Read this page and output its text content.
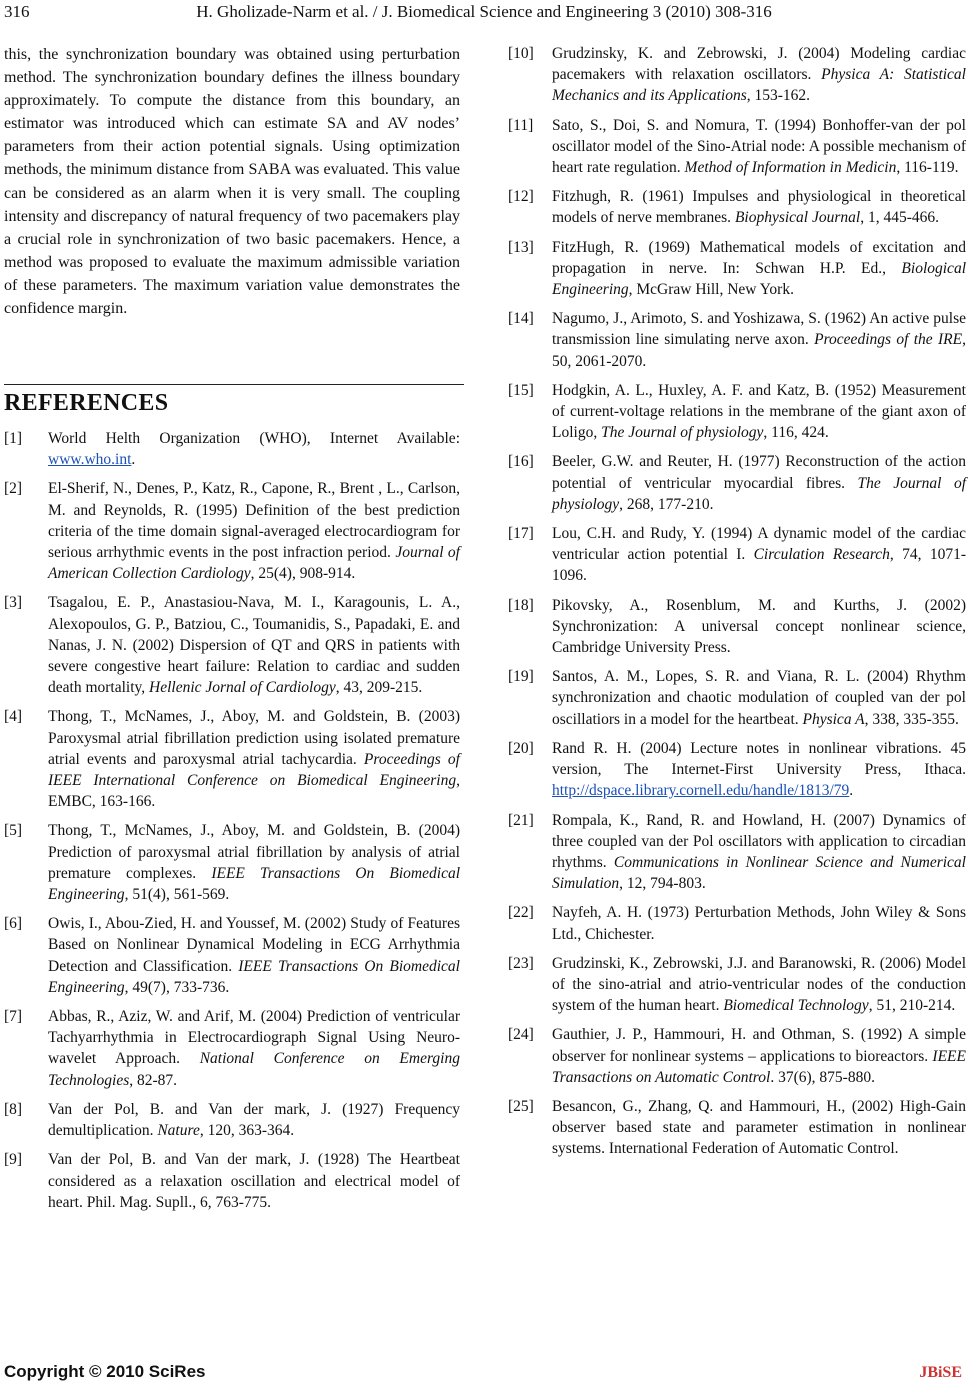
316	H. Gholizade-Narm et al. / J. Biomedical Science and Engineering 3 (2010) 308-316

this, the synchronization boundary was obtained using perturbation method. The synchronization boundary defines the illness boundary approximately. To compute the distance from this boundary, an estimator was introduced which can estimate SA and AV nodes’ parameters from their action potential signals. Using optimization methods, the minimum distance from SABA was evaluated. This value can be considered as an alarm when it is very small. The coupling intensity and discrepancy of natural frequency of two pacemakers play a crucial role in synchronization of two basic pacemakers. Hence, a method was proposed to evaluate the maximum admissible variation of these parameters. The maximum variation value demonstrates the confidence margin.

REFERENCES
[1] World Helth Organization (WHO), Internet Available: www.who.int.
[2] El-Sherif, N., Denes, P., Katz, R., Capone, R., Brent , L., Carlson, M. and Reynolds, R. (1995) Definition of the best prediction criteria of the time domain signal-averaged electrocardiogram for serious arrhythmic events in the post infraction period. Journal of American Collection Cardiology, 25(4), 908-914.
[3] Tsagalou, E. P., Anastasiou-Nava, M. I., Karagounis, L. A., Alexopoulos, G. P., Batziou, C., Toumanidis, S., Papadaki, E. and Nanas, J. N. (2002) Dispersion of QT and QRS in patients with severe congestive heart failure: Relation to cardiac and sudden death mortality, Hellenic Jornal of Cardiology, 43, 209-215.
[4] Thong, T., McNames, J., Aboy, M. and Goldstein, B. (2003) Paroxysmal atrial fibrillation prediction using isolated premature atrial events and paroxysmal atrial tachycardia. Proceedings of IEEE International Conference on Biomedical Engineering, EMBC, 163-166.
[5] Thong, T., McNames, J., Aboy, M. and Goldstein, B. (2004) Prediction of paroxysmal atrial fibrillation by analysis of atrial premature complexes. IEEE Transactions On Biomedical Engineering, 51(4), 561-569.
[6] Owis, I., Abou-Zied, H. and Youssef, M. (2002) Study of Features Based on Nonlinear Dynamical Modeling in ECG Arrhythmia Detection and Classification. IEEE Transactions On Biomedical Engineering, 49(7), 733-736.
[7] Abbas, R., Aziz, W. and Arif, M. (2004) Prediction of ventricular Tachyarrhythmia in Electrocardiograph Signal Using Neuro-wavelet Approach. National Conference on Emerging Technologies, 82-87.
[8] Van der Pol, B. and Van der mark, J. (1927) Frequency demultiplication. Nature, 120, 363-364.
[9] Van der Pol, B. and Van der mark, J. (1928) The Heartbeat considered as a relaxation oscillation and electrical model of heart. Phil. Mag. Supll., 6, 763-775.
[10] Grudzinsky, K. and Zebrowski, J. (2004) Modeling cardiac pacemakers with relaxation oscillators. Physica A: Statistical Mechanics and its Applications, 153-162.
[11] Sato, S., Doi, S. and Nomura, T. (1994) Bonhoffer-van der pol oscillator model of the Sino-Atrial node: A possible mechanism of heart rate regulation. Method of Information in Medicin, 116-119.
[12] Fitzhugh, R. (1961) Impulses and physiological in theoretical models of nerve membranes. Biophysical Journal, 1, 445-466.
[13] FitzHugh, R. (1969) Mathematical models of excitation and propagation in nerve. In: Schwan H.P. Ed., Biological Engineering, McGraw Hill, New York.
[14] Nagumo, J., Arimoto, S. and Yoshizawa, S. (1962) An active pulse transmission line simulating nerve axon. Proceedings of the IRE, 50, 2061-2070.
[15] Hodgkin, A. L., Huxley, A. F. and Katz, B. (1952) Measurement of current-voltage relations in the membrane of the giant axon of Loligo, The Journal of physiology, 116, 424.
[16] Beeler, G.W. and Reuter, H. (1977) Reconstruction of the action potential of ventricular myocardial fibres. The Journal of physiology, 268, 177-210.
[17] Lou, C.H. and Rudy, Y. (1994) A dynamic model of the cardiac ventricular action potential I. Circulation Research, 74, 1071-1096.
[18] Pikovsky, A., Rosenblum, M. and Kurths, J. (2002) Synchronization: A universal concept nonlinear science, Cambridge University Press.
[19] Santos, A. M., Lopes, S. R. and Viana, R. L. (2004) Rhythm synchronization and chaotic modulation of coupled van der pol oscillatiors in a model for the heartbeat. Physica A, 338, 335-355.
[20] Rand R. H. (2004) Lecture notes in nonlinear vibrations. 45 version, The Internet-First University Press, Ithaca. http://dspace.library.cornell.edu/handle/1813/79.
[21] Rompala, K., Rand, R. and Howland, H. (2007) Dynamics of three coupled van der Pol oscillators with application to circadian rhythms. Communications in Nonlinear Science and Numerical Simulation, 12, 794-803.
[22] Nayfeh, A. H. (1973) Perturbation Methods, John Wiley & Sons Ltd., Chichester.
[23] Grudzinski, K., Zebrowski, J.J. and Baranowski, R. (2006) Model of the sino-atrial and atrio-ventricular nodes of the conduction system of the human heart. Biomedical Technology, 51, 210-214.
[24] Gauthier, J. P., Hammouri, H. and Othman, S. (1992) A simple observer for nonlinear systems – applications to bioreactors. IEEE Transactions on Automatic Control. 37(6), 875-880.
[25] Besancon, G., Zhang, Q. and Hammouri, H., (2002) High-Gain observer based state and parameter estimation in nonlinear systems. International Federation of Automatic Control.
Copyright © 2010 SciRes	JBiSE
